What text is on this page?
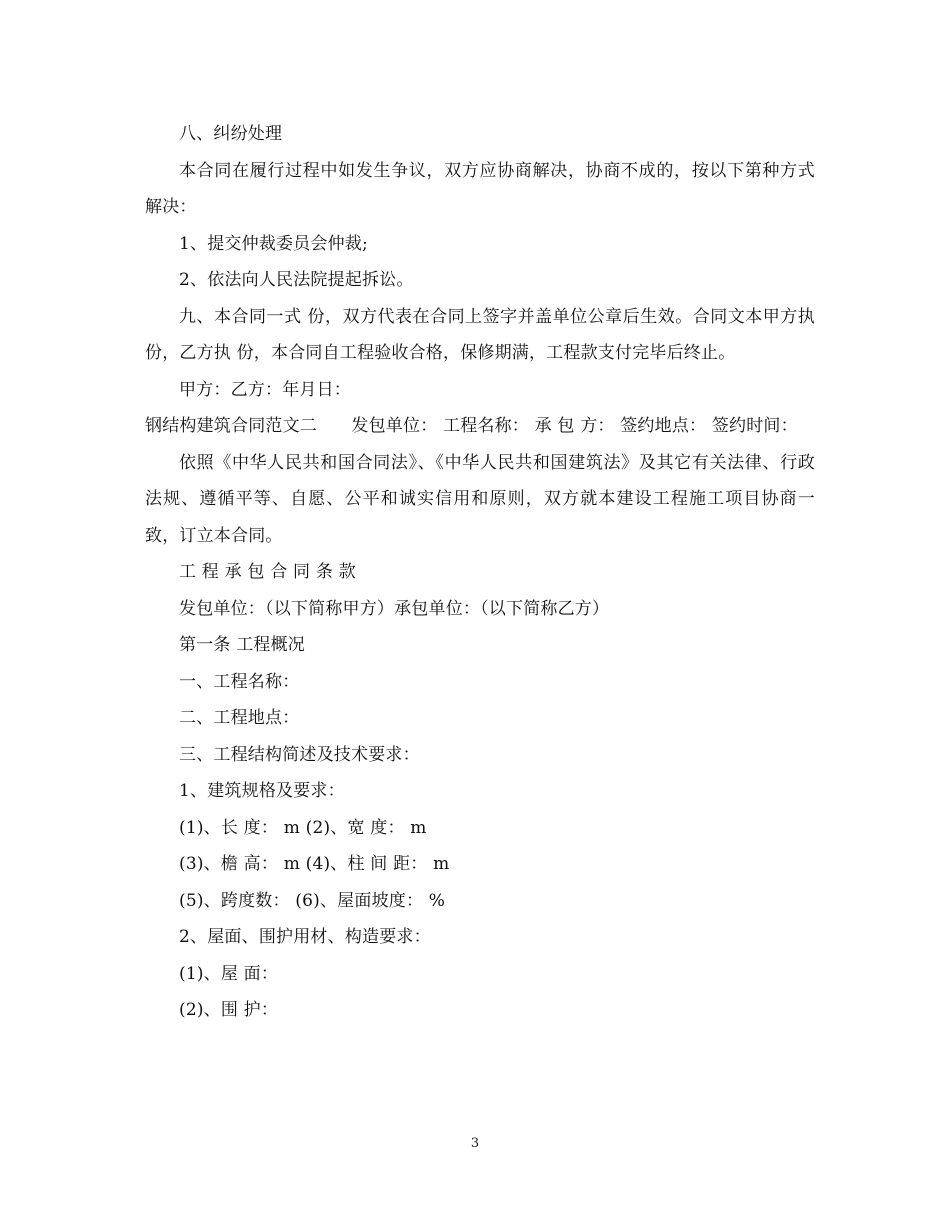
八、纠纷处理

本合同在履行过程中如发生争议，双方应协商解决，协商不成的，按以下第种方式解决：

1、提交仲裁委员会仲裁;

2、依法向人民法院提起拆讼。

九、本合同一式 份，双方代表在合同上签字并盖单位公章后生效。合同文本甲方执 份，乙方执 份，本合同自工程验收合格，保修期满，工程款支付完毕后终止。

甲方：乙方：年月日：

钢结构建筑合同范文二　　发包单位： 工程名称： 承 包 方： 签约地点： 签约时间：

依照《中华人民共和国合同法》、《中华人民共和国建筑法》及其它有关法律、行政法规、遵循平等、自愿、公平和诚实信用和原则，双方就本建设工程施工项目协商一致，订立本合同。

工 程 承 包 合 同 条 款

发包单位：（以下简称甲方）承包单位：（以下简称乙方）

第一条 工程概况

一、工程名称：

二、工程地点：

三、工程结构简述及技术要求：

1、建筑规格及要求：

(1)、长 度： m (2)、宽 度： m

(3)、檐 高： m (4)、柱 间 距： m

(5)、跨度数： (6)、屋面坡度： %

2、屋面、围护用材、构造要求：

(1)、屋 面：

(2)、围 护：

3
